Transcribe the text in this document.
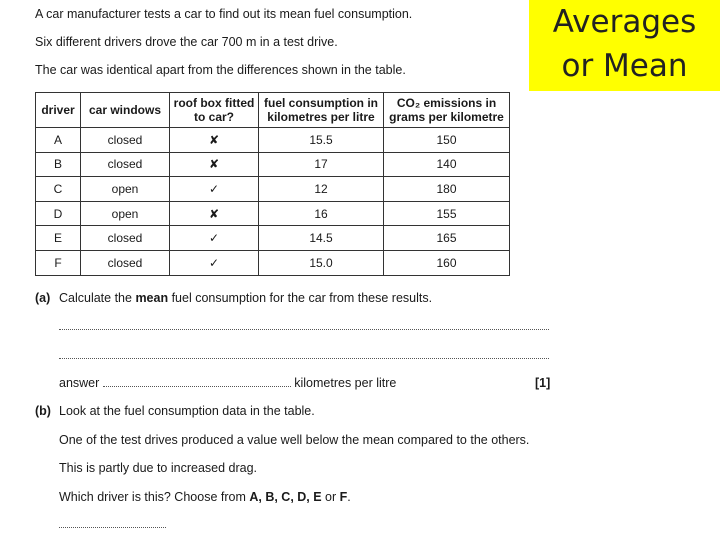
Averages
or Mean
A car manufacturer tests a car to find out its mean fuel consumption.
Six different drivers drove the car 700 m in a test drive.
The car was identical apart from the differences shown in the table.
driver	car windows	roof box fitted to car?	fuel consumption in kilometres per litre	CO₂ emissions in grams per kilometre
A	closed	✘	15.5	150
B	closed	✘	17	140
C	open	✓	12	180
D	open	✘	16	155
E	closed	✓	14.5	165
F	closed	✓	15.0	160
(a) Calculate the mean fuel consumption for the car from these results.
answer	kilometres per litre	[1]
(b) Look at the fuel consumption data in the table.
One of the test drives produced a value well below the mean compared to the others.
This is partly due to increased drag.
Which driver is this? Choose from A, B, C, D, E or F.
